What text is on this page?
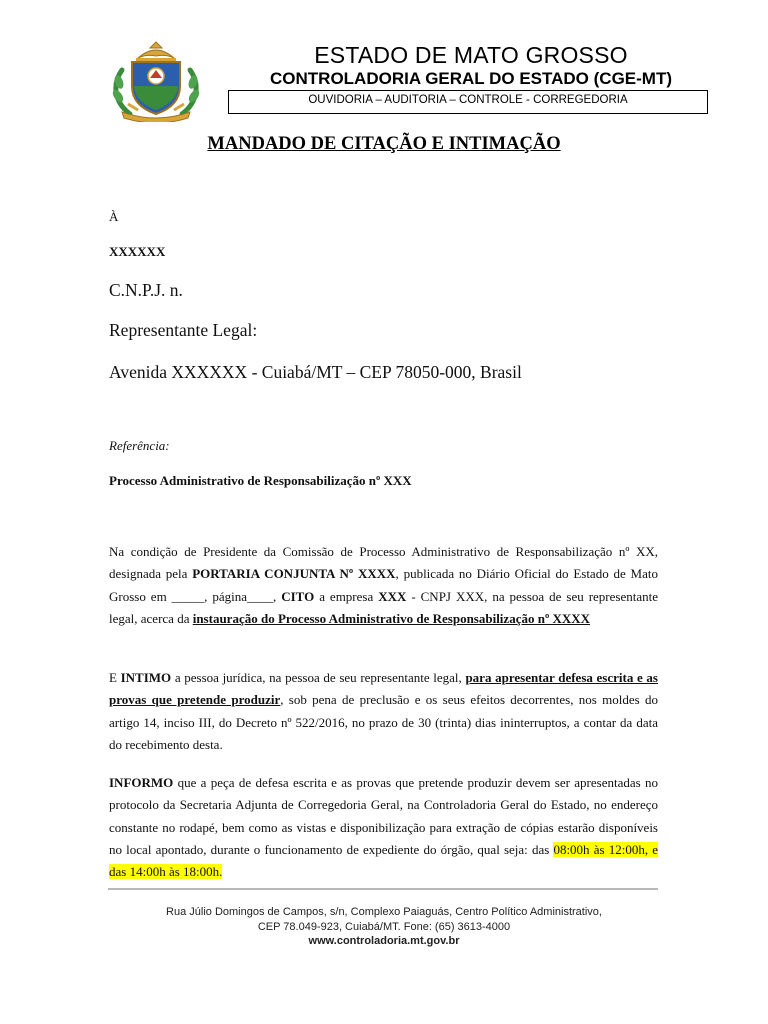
ESTADO DE MATO GROSSO
CONTROLADORIA GERAL DO ESTADO (CGE-MT)
OUVIDORIA – AUDITORIA – CONTROLE - CORREGEDORIA
MANDADO DE CITAÇÃO E INTIMAÇÃO
À
XXXXXX
C.N.P.J. n.
Representante Legal:
Avenida XXXXXX - Cuiabá/MT – CEP 78050-000, Brasil
Referência:
Processo Administrativo de Responsabilização nº XXX
Na condição de Presidente da Comissão de Processo Administrativo de Responsabilização nº XX, designada pela PORTARIA CONJUNTA Nº XXXX, publicada no Diário Oficial do Estado de Mato Grosso em _____, página____, CITO a empresa XXX - CNPJ XXX, na pessoa de seu representante legal, acerca da instauração do Processo Administrativo de Responsabilização nº XXXX
E INTIMO a pessoa jurídica, na pessoa de seu representante legal, para apresentar defesa escrita e as provas que pretende produzir, sob pena de preclusão e os seus efeitos decorrentes, nos moldes do artigo 14, inciso III, do Decreto nº 522/2016, no prazo de 30 (trinta) dias ininterruptos, a contar da data do recebimento desta.
INFORMO que a peça de defesa escrita e as provas que pretende produzir devem ser apresentadas no protocolo da Secretaria Adjunta de Corregedoria Geral, na Controladoria Geral do Estado, no endereço constante no rodapé, bem como as vistas e disponibilização para extração de cópias estarão disponíveis no local apontado, durante o funcionamento de expediente do órgão, qual seja: das 08:00h às 12:00h, e das 14:00h às 18:00h.
Rua Júlio Domingos de Campos, s/n, Complexo Paiaguás, Centro Político Administrativo,
CEP 78.049-923, Cuiabá/MT. Fone: (65) 3613-4000
www.controladoria.mt.gov.br
